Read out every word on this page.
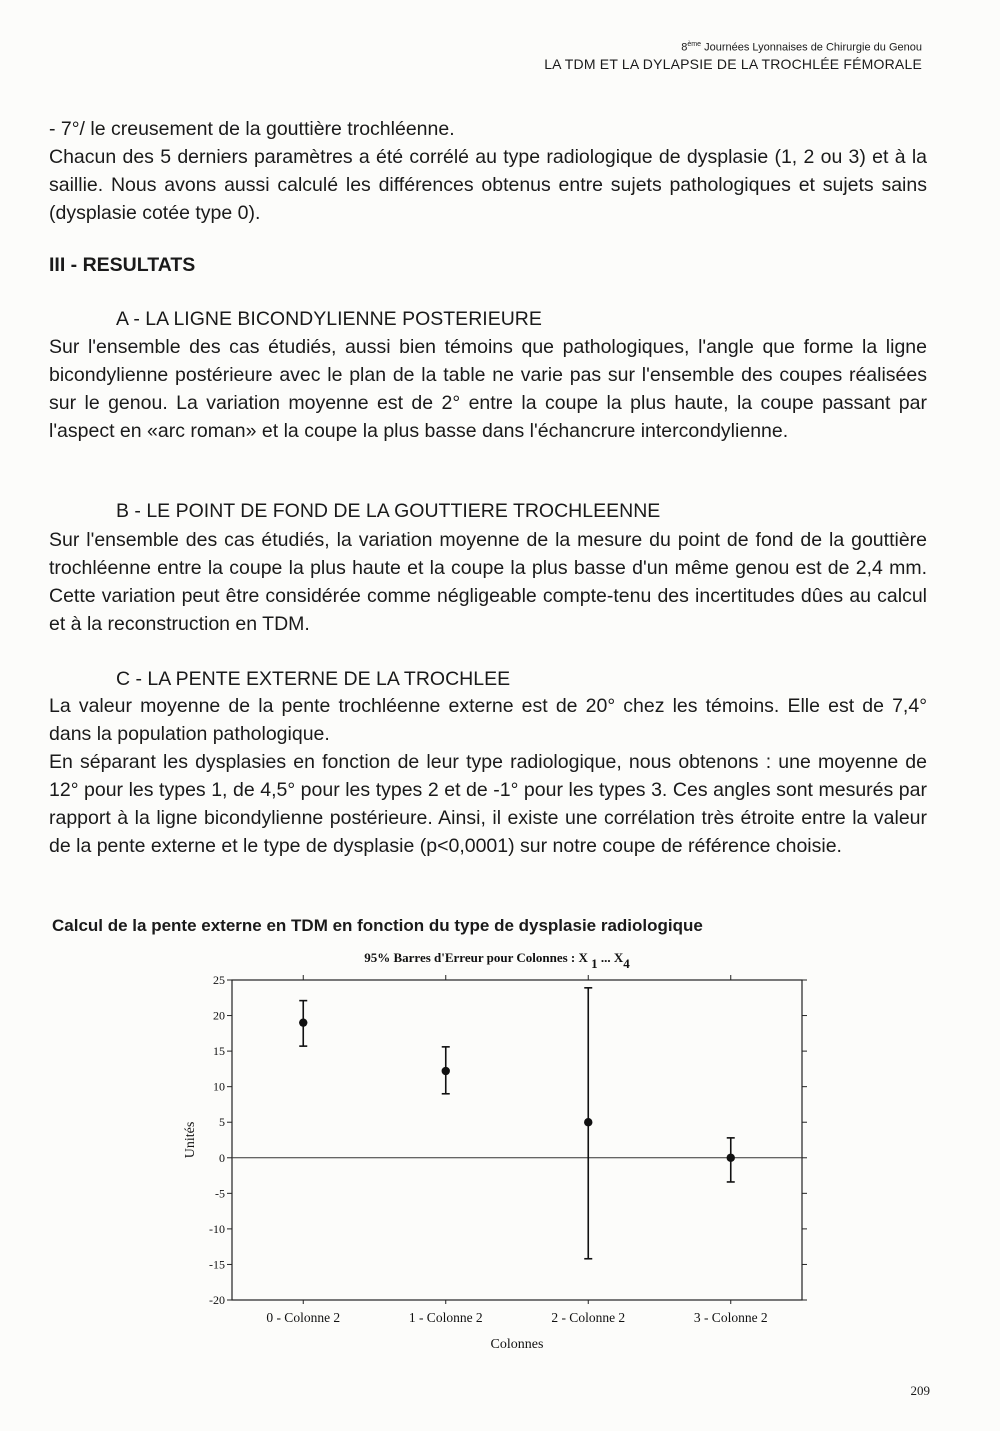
8ème Journées Lyonnaises de Chirurgie du Genou
LA TDM ET LA DYLAPSIE DE LA TROCHLÉE FÉMORALE

- 7°/ le creusement de la gouttière trochléenne.

Chacun des 5 derniers paramètres a été corrélé au type radiologique de dysplasie (1, 2 ou 3) et à la saillie. Nous avons aussi calculé les différences obtenus entre sujets pathologiques et sujets sains (dysplasie cotée type 0).

III - RESULTATS
A - LA LIGNE BICONDYLIENNE POSTERIEURE
Sur l'ensemble des cas étudiés, aussi bien témoins que pathologiques, l'angle que forme la ligne bicondylienne postérieure avec le plan de la table ne varie pas sur l'ensemble des coupes réalisées sur le genou. La variation moyenne est de 2° entre la coupe la plus haute, la coupe passant par l'aspect en «arc roman» et la coupe la plus basse dans l'échancrure intercondylienne.
B - LE POINT DE FOND DE LA GOUTTIERE TROCHLEENNE
Sur l'ensemble des cas étudiés, la variation moyenne de la mesure du point de fond de la gouttière trochléenne entre la coupe la plus haute et la coupe la plus basse d'un même genou est de 2,4 mm. Cette variation peut être considérée comme négligeable compte-tenu des incertitudes dûes au calcul et à la reconstruction en TDM.
C - LA PENTE EXTERNE DE LA TROCHLEE

La valeur moyenne de la pente trochléenne externe est de 20° chez les témoins. Elle est de 7,4° dans la population pathologique.

En séparant les dysplasies en fonction de leur type radiologique, nous obtenons : une moyenne de 12° pour les types 1, de 4,5° pour les types 2 et de -1° pour les types 3. Ces angles sont mesurés par rapport à la ligne bicondylienne postérieure. Ainsi, il existe une corrélation très étroite entre la valeur de la pente externe et le type de dysplasie (p<0,0001) sur notre coupe de référence choisie.

Calcul de la pente externe en TDM en fonction du type de dysplasie radiologique
95% Barres d'Erreur pour Colonnes : X 1 ... X4
25
20
15
10
5
0
-5
-10
-15
-20
0 - Colonne 2	1 - Colonne 2	2 - Colonne 2	3 - Colonne 2
Colonnes
Unités
209
